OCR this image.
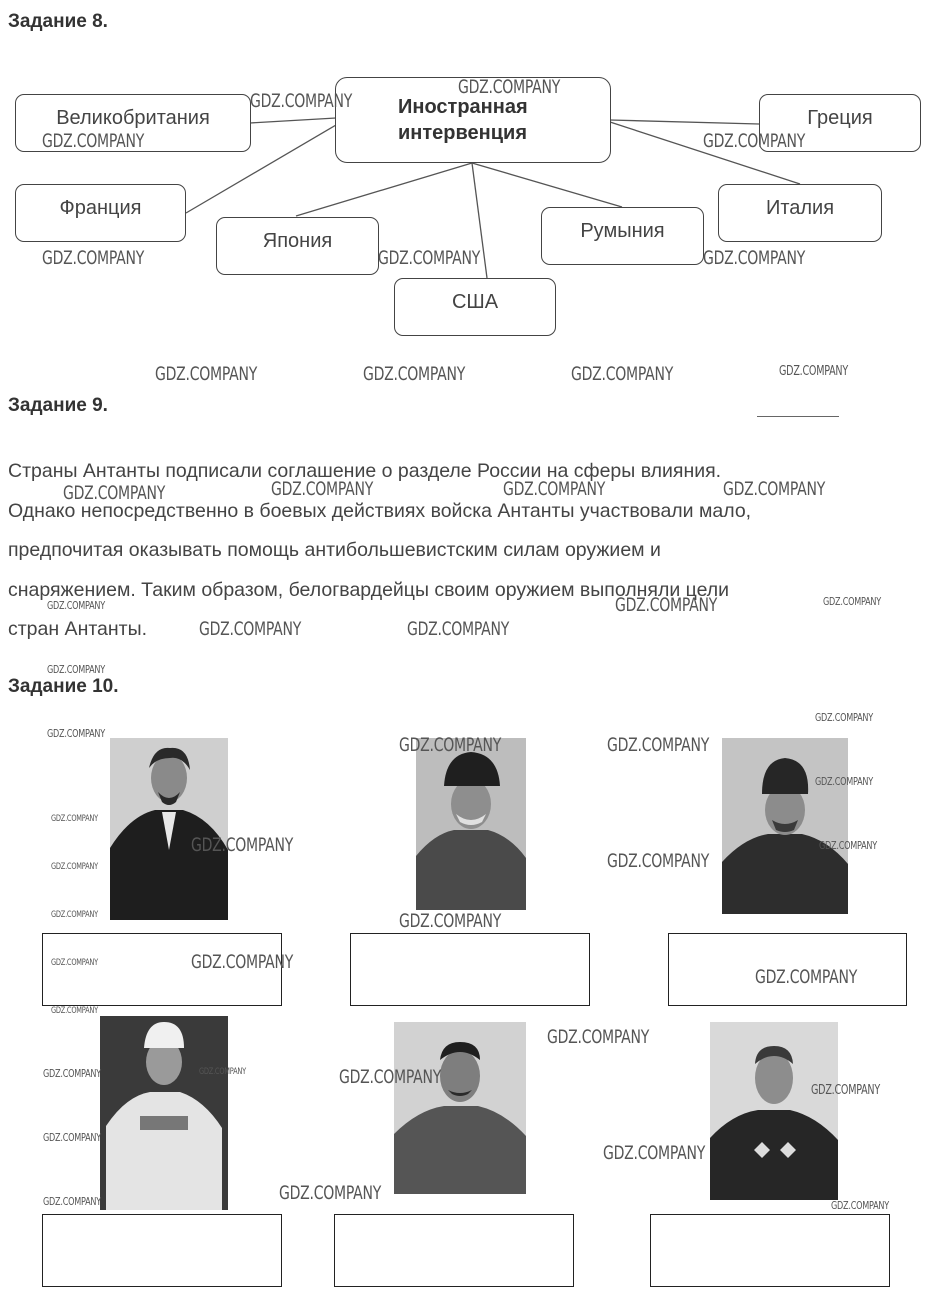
Задание 8.
Задание 9.
Задание 10.
Иностранная
интервенция
Великобритания	Греция
Франция	Италия
Япония	Румыния
США
Страны Антанты подписали соглашение о разделе России на сферы влияния.
Однако непосредственно в боевых действиях войска Антанты участвовали мало,
предпочитая оказывать помощь антибольшевистским силам оружием и
снаряжением. Таким образом, белогвардейцы своим оружием выполняли цели
стран Антанты.
GDZ.COMPANY
GDZ.COMPANY
GDZ.COMPANY	GDZ.COMPANY
GDZ.COMPANY	GDZ.COMPANY	GDZ.COMPANY
GDZ.COMPANY	GDZ.COMPANY	GDZ.COMPANY	GDZ.COMPANY
GDZ.COMPANY	GDZ.COMPANY	GDZ.COMPANY	GDZ.COMPANY
GDZ.COMPANY	GDZ.COMPANY	GDZ.COMPANY
GDZ.COMPANY	GDZ.COMPANY
GDZ.COMPANY
GDZ.COMPANY
GDZ.COMPANY
GDZ.COMPANY	GDZ.COMPANY
GDZ.COMPANY
GDZ.COMPANY
GDZ.COMPANY	GDZ.COMPANY
GDZ.COMPANY
GDZ.COMPANY
GDZ.COMPANY	GDZ.COMPANY
GDZ.COMPANY	GDZ.COMPANY
GDZ.COMPANY
GDZ.COMPANY
GDZ.COMPANY
GDZ.COMPANY	GDZ.COMPANY	GDZ.COMPANY
GDZ.COMPANY
GDZ.COMPANY
GDZ.COMPANY
GDZ.COMPANY
GDZ.COMPANY	GDZ.COMPANY
